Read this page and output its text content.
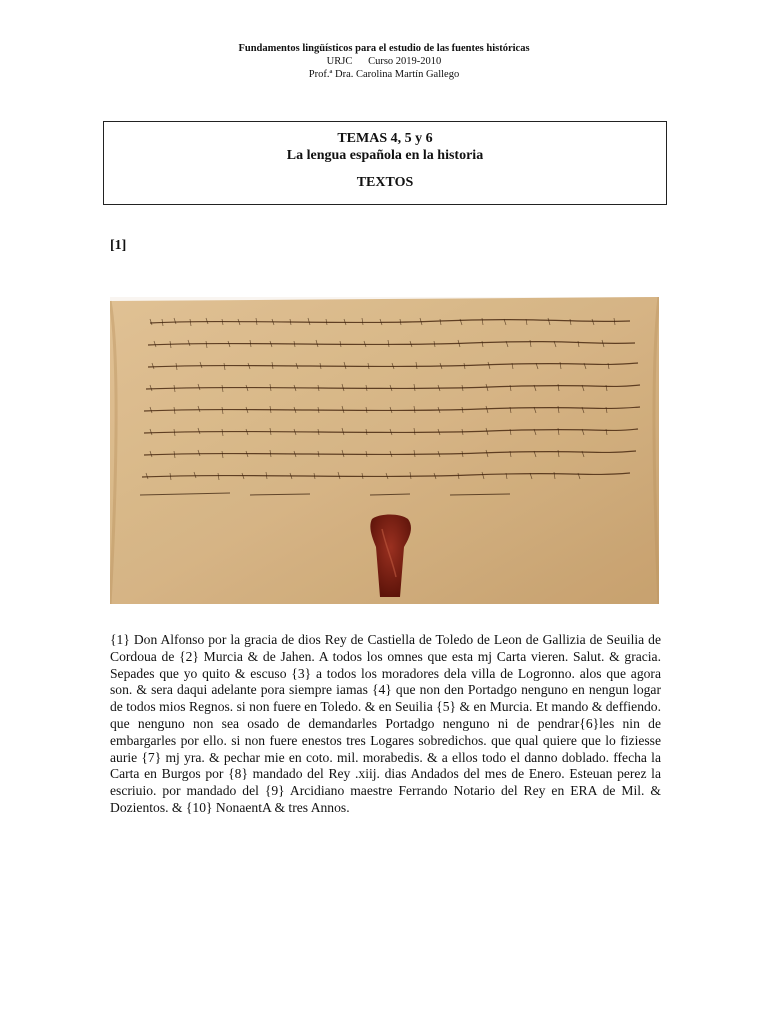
Fundamentos lingüísticos para el estudio de las fuentes históricas
URJC      Curso 2019-2010
Prof.ª Dra. Carolina Martín Gallego
TEMAS 4, 5 y 6
La lengua española en la historia
TEXTOS
[1]
{1} Don Alfonso por la gracia de dios Rey de Castiella de Toledo de Leon de Gallizia de Seuilia de Cordoua de {2} Murcia & de Jahen. A todos los omnes que esta mj Carta vieren. Salut. & gracia. Sepades que yo quito & escuso {3} a todos los moradores dela villa de Logronno. alos que agora son. & sera daqui adelante pora siempre iamas {4} que non den Portadgo nenguno en nengun logar de todos mios Regnos. si non fuere en Toledo. & en Seuilia {5} & en Murcia. Et mando & deffiendo. que nenguno non sea osado de demandarles Portadgo nenguno ni de pendrar{6}les nin de embargarles por ello. si non fuere enestos tres Logares sobredichos. que qual quiere que lo fiziesse aurie {7} mj yra. & pechar mie en coto. mil. morabedis. & a ellos todo el danno doblado. ffecha la Carta en Burgos por {8} mandado del Rey .xiij. dias Andados del mes de Enero. Esteuan perez la escriuio. por mandado del {9} Arcidiano maestre Ferrando Notario del Rey en ERA de Mil. & Dozientos. & {10} NonaentA & tres Annos.
